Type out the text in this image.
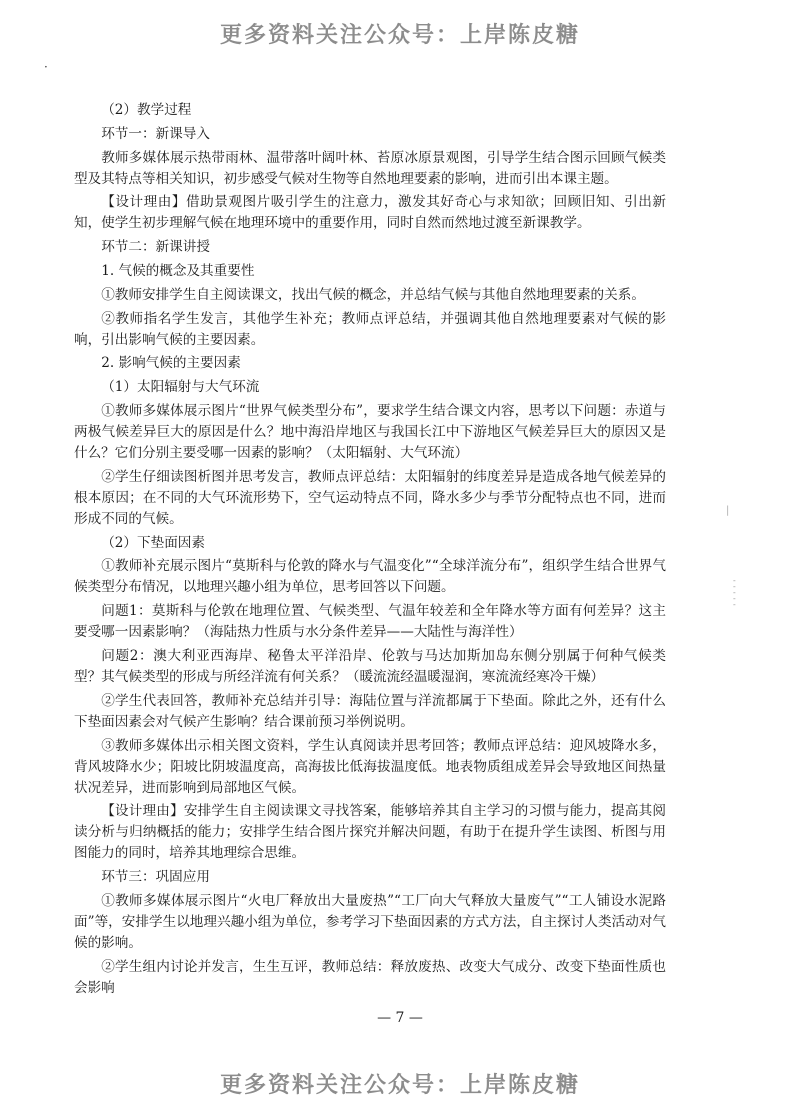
更多资料关注公众号：上岸陈皮糖
·
|
- - - - -

（2）教学过程

环节一：新课导入

教师多媒体展示热带雨林、温带落叶阔叶林、苔原冰原景观图，引导学生结合图示回顾气候类型及其特点等相关知识，初步感受气候对生物等自然地理要素的影响，进而引出本课主题。

【设计理由】借助景观图片吸引学生的注意力，激发其好奇心与求知欲；回顾旧知、引出新知，使学生初步理解气候在地理环境中的重要作用，同时自然而然地过渡至新课教学。

环节二：新课讲授

1. 气候的概念及其重要性

①教师安排学生自主阅读课文，找出气候的概念，并总结气候与其他自然地理要素的关系。

②教师指名学生发言，其他学生补充；教师点评总结，并强调其他自然地理要素对气候的影响，引出影响气候的主要因素。

2. 影响气候的主要因素

（1）太阳辐射与大气环流

①教师多媒体展示图片“世界气候类型分布”，要求学生结合课文内容，思考以下问题：赤道与两极气候差异巨大的原因是什么？地中海沿岸地区与我国长江中下游地区气候差异巨大的原因又是什么？它们分别主要受哪一因素的影响？（太阳辐射、大气环流）

②学生仔细读图析图并思考发言，教师点评总结：太阳辐射的纬度差异是造成各地气候差异的根本原因；在不同的大气环流形势下，空气运动特点不同，降水多少与季节分配特点也不同，进而形成不同的气候。

（2）下垫面因素

①教师补充展示图片“莫斯科与伦敦的降水与气温变化”“全球洋流分布”，组织学生结合世界气候类型分布情况，以地理兴趣小组为单位，思考回答以下问题。

问题1：莫斯科与伦敦在地理位置、气候类型、气温年较差和全年降水等方面有何差异？这主要受哪一因素影响？（海陆热力性质与水分条件差异——大陆性与海洋性）

问题2：澳大利亚西海岸、秘鲁太平洋沿岸、伦敦与马达加斯加岛东侧分别属于何种气候类型？其气候类型的形成与所经洋流有何关系？（暖流流经温暖湿润，寒流流经寒冷干燥）

②学生代表回答，教师补充总结并引导：海陆位置与洋流都属于下垫面。除此之外，还有什么下垫面因素会对气候产生影响？结合课前预习举例说明。

③教师多媒体出示相关图文资料，学生认真阅读并思考回答；教师点评总结：迎风坡降水多，背风坡降水少；阳坡比阴坡温度高，高海拔比低海拔温度低。地表物质组成差异会导致地区间热量状况差异，进而影响到局部地区气候。

【设计理由】安排学生自主阅读课文寻找答案，能够培养其自主学习的习惯与能力，提高其阅读分析与归纳概括的能力；安排学生结合图片探究并解决问题，有助于在提升学生读图、析图与用图能力的同时，培养其地理综合思维。

环节三：巩固应用

①教师多媒体展示图片“火电厂释放出大量废热”“工厂向大气释放大量废气”“工人铺设水泥路面”等，安排学生以地理兴趣小组为单位，参考学习下垫面因素的方式方法，自主探讨人类活动对气候的影响。

②学生组内讨论并发言，生生互评，教师总结：释放废热、改变大气成分、改变下垫面性质也会影响

— 7 —
更多资料关注公众号：上岸陈皮糖
